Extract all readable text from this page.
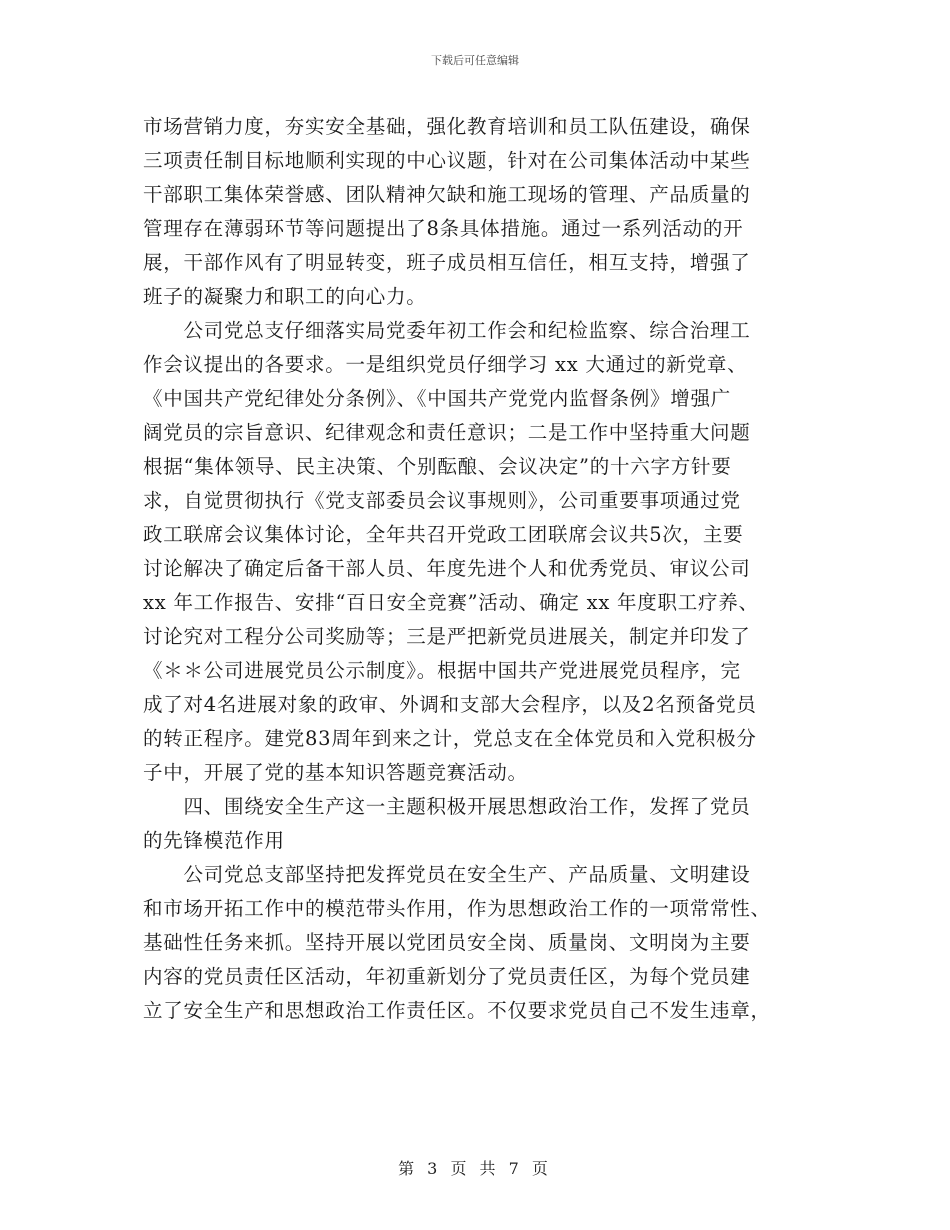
下载后可任意编辑
市场营销力度，夯实安全基础，强化教育培训和员工队伍建设，确保
三项责任制目标地顺利实现的中心议题，针对在公司集体活动中某些
干部职工集体荣誉感、团队精神欠缺和施工现场的管理、产品质量的
管理存在薄弱环节等问题提出了8条具体措施。通过一系列活动的开
展，干部作风有了明显转变，班子成员相互信任，相互支持，增强了
班子的凝聚力和职工的向心力。
　　公司党总支仔细落实局党委年初工作会和纪检监察、综合治理工
作会议提出的各要求。一是组织党员仔细学习 xx 大通过的新党章、
《中国共产党纪律处分条例》、《中国共产党党内监督条例》增强广
阔党员的宗旨意识、纪律观念和责任意识；二是工作中坚持重大问题
根据“集体领导、民主决策、个别酝酿、会议决定”的十六字方针要
求，自觉贯彻执行《党支部委员会议事规则》，公司重要事项通过党
政工联席会议集体讨论，全年共召开党政工团联席会议共5次，主要
讨论解决了确定后备干部人员、年度先进个人和优秀党员、审议公司
xx 年工作报告、安排“百日安全竞赛”活动、确定 xx 年度职工疗养、
讨论究对工程分公司奖励等；三是严把新党员进展关，制定并印发了
《＊＊公司进展党员公示制度》。根据中国共产党进展党员程序，完
成了对4名进展对象的政审、外调和支部大会程序，以及2名预备党员
的转正程序。建党83周年到来之计，党总支在全体党员和入党积极分
子中，开展了党的基本知识答题竞赛活动。
　　四、围绕安全生产这一主题积极开展思想政治工作，发挥了党员
的先锋模范作用
　　公司党总支部坚持把发挥党员在安全生产、产品质量、文明建设
和市场开拓工作中的模范带头作用，作为思想政治工作的一项常常性、
基础性任务来抓。坚持开展以党团员安全岗、质量岗、文明岗为主要
内容的党员责任区活动，年初重新划分了党员责任区，为每个党员建
立了安全生产和思想政治工作责任区。不仅要求党员自己不发生违章，
第 3 页 共 7 页
